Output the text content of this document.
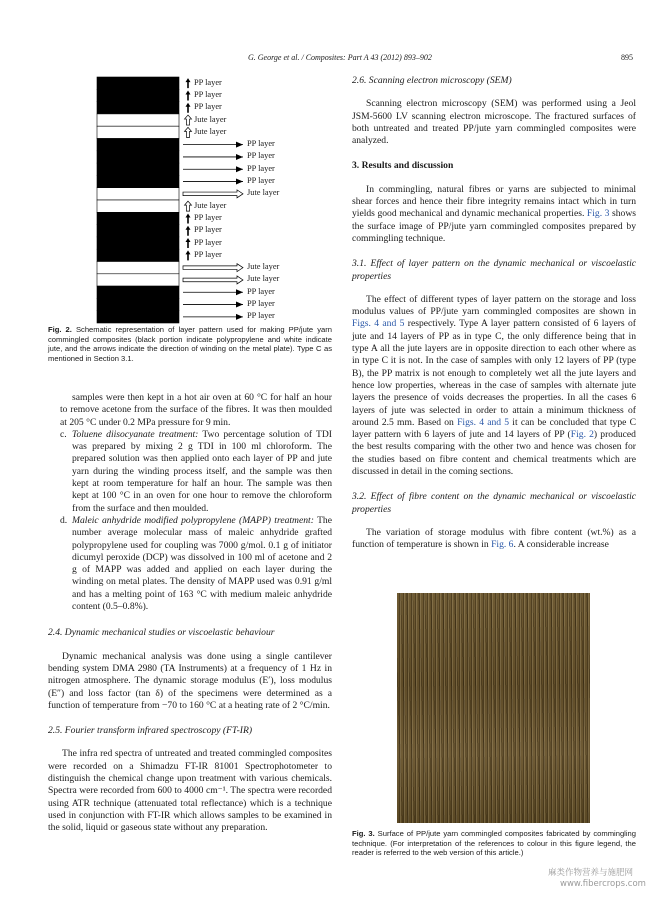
G. George et al. / Composites: Part A 43 (2012) 893–902	895
PP layer
PP layer
PP layer
Jute layer
Jute layer
PP layer
PP layer
PP layer
PP layer
Jute layer
Jute layer
PP layer
PP layer
PP layer
PP layer
Jute layer
Jute layer
PP layer
PP layer
PP layer
Fig. 2. Schematic representation of layer pattern used for making PP/jute yarn commingled composites (black portion indicate polypropylene and white indicate jute, and the arrows indicate the direction of winding on the metal plate). Type C as mentioned in Section 3.1.

samples were then kept in a hot air oven at 60 °C for half an hour to remove acetone from the surface of the fibres. It was then moulded at 205 °C under 0.2 MPa pressure for 9 min.

c. Toluene diisocyanate treatment: Two percentage solution of TDI was prepared by mixing 2 g TDI in 100 ml chloroform. The prepared solution was then applied onto each layer of PP and jute yarn during the winding process itself, and the sample was then kept at room temperature for half an hour. The sample was then kept at 100 °C in an oven for one hour to remove the chloroform from the surface and then moulded.
d. Maleic anhydride modified polypropylene (MAPP) treatment: The number average molecular mass of maleic anhydride grafted polypropylene used for coupling was 7000 g/mol. 0.1 g of initiator dicumyl peroxide (DCP) was dissolved in 100 ml of acetone and 2 g of MAPP was added and applied on each layer during the winding on metal plates. The density of MAPP used was 0.91 g/ml and has a melting point of 163 °C with medium maleic anhydride content (0.5–0.8%).

2.4. Dynamic mechanical studies or viscoelastic behaviour

Dynamic mechanical analysis was done using a single cantilever bending system DMA 2980 (TA Instruments) at a frequency of 1 Hz in nitrogen atmosphere. The dynamic storage modulus (E′), loss modulus (E″) and loss factor (tan δ) of the specimens were determined as a function of temperature from −70 to 160 °C at a heating rate of 2 °C/min.

2.5. Fourier transform infrared spectroscopy (FT-IR)

The infra red spectra of untreated and treated commingled composites were recorded on a Shimadzu FT-IR 81001 Spectrophotometer to distinguish the chemical change upon treatment with various chemicals. Spectra were recorded from 600 to 4000 cm⁻¹. The spectra were recorded using ATR technique (attenuated total reflectance) which is a technique used in conjunction with FT-IR which allows samples to be examined in the solid, liquid or gaseous state without any preparation.

2.6. Scanning electron microscopy (SEM)

Scanning electron microscopy (SEM) was performed using a Jeol JSM-5600 LV scanning electron microscope. The fractured surfaces of both untreated and treated PP/jute yarn commingled composites were analyzed.

3. Results and discussion

In commingling, natural fibres or yarns are subjected to minimal shear forces and hence their fibre integrity remains intact which in turn yields good mechanical and dynamic mechanical properties. Fig. 3 shows the surface image of PP/jute yarn commingled composites prepared by commingling technique.

3.1. Effect of layer pattern on the dynamic mechanical or viscoelastic properties

The effect of different types of layer pattern on the storage and loss modulus values of PP/jute yarn commingled composites are shown in Figs. 4 and 5 respectively. Type A layer pattern consisted of 6 layers of jute and 14 layers of PP as in type C, the only difference being that in type A all the jute layers are in opposite direction to each other where as in type C it is not. In the case of samples with only 12 layers of PP (type B), the PP matrix is not enough to completely wet all the jute layers and hence low properties, whereas in the case of samples with alternate jute layers the presence of voids decreases the properties. In all the cases 6 layers of jute was selected in order to attain a minimum thickness of around 2.5 mm. Based on Figs. 4 and 5 it can be concluded that type C layer pattern with 6 layers of jute and 14 layers of PP (Fig. 2) produced the best results comparing with the other two and hence was chosen for the studies based on fibre content and chemical treatments which are discussed in detail in the coming sections.

3.2. Effect of fibre content on the dynamic mechanical or viscoelastic properties

The variation of storage modulus with fibre content (wt.%) as a function of temperature is shown in Fig. 6. A considerable increase

Fig. 3. Surface of PP/jute yarn commingled composites fabricated by commingling technique. (For interpretation of the references to colour in this figure legend, the reader is referred to the web version of this article.)
麻类作物营养与施肥网
www.fibercrops.com
